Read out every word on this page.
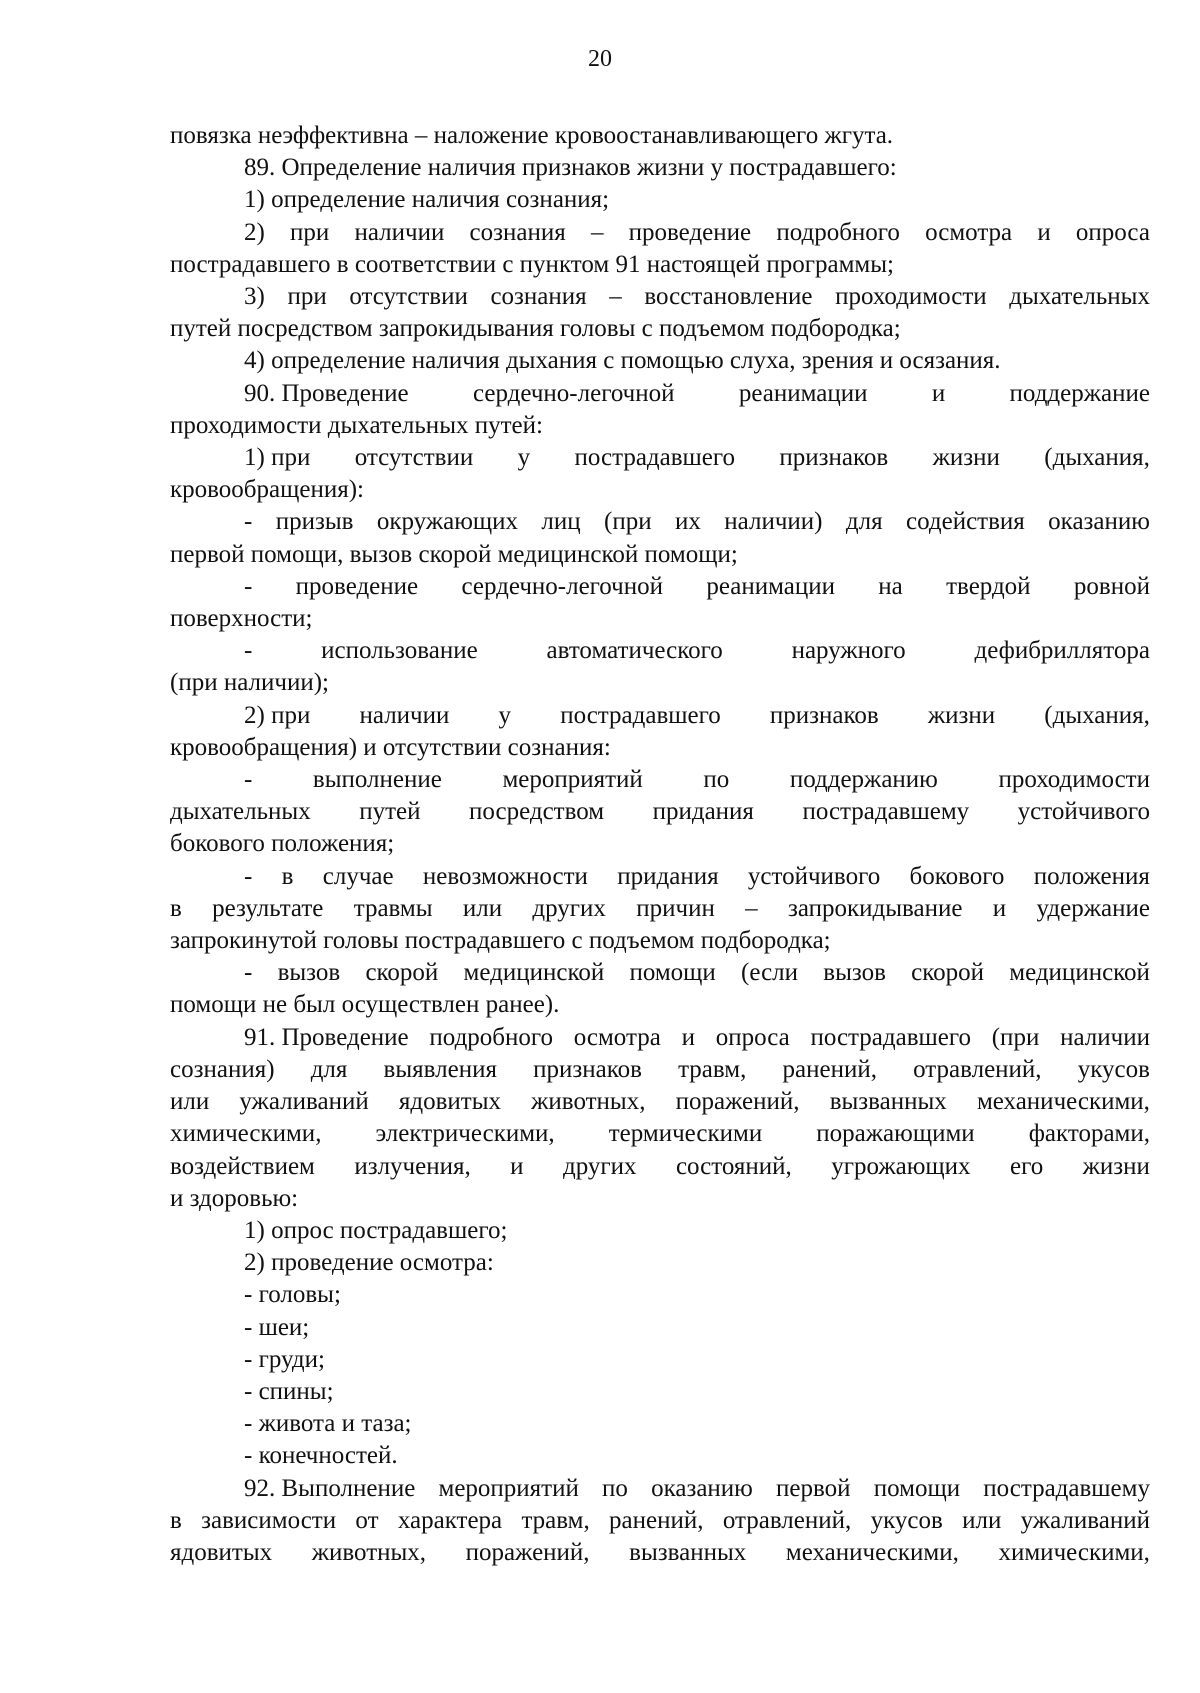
20
повязка неэффективна – наложение кровоостанавливающего жгута.
89. Определение наличия признаков жизни у пострадавшего:
1) определение наличия сознания;
2) при наличии сознания – проведение подробного осмотра и опроса
пострадавшего в соответствии с пунктом 91 настоящей программы;
3) при отсутствии сознания – восстановление проходимости дыхательных
путей посредством запрокидывания головы с подъемом подбородка;
4) определение наличия дыхания с помощью слуха, зрения и осязания.
90. Проведение	сердечно-легочной	реанимации	и	поддержание
проходимости дыхательных путей:
1) при отсутствии у пострадавшего признаков жизни (дыхания,
кровообращения):
- призыв окружающих лиц (при их наличии) для содействия оказанию
первой помощи, вызов скорой медицинской помощи;
- проведение сердечно-легочной реанимации на твердой ровной
поверхности;
-	использование	автоматического	наружного	дефибриллятора
(при наличии);
2) при наличии у пострадавшего признаков жизни (дыхания,
кровообращения) и отсутствии сознания:
- выполнение мероприятий по поддержанию проходимости
дыхательных путей посредством придания пострадавшему устойчивого
бокового положения;
- в случае невозможности придания устойчивого бокового положения
в результате травмы или других причин – запрокидывание и удержание
запрокинутой головы пострадавшего с подъемом подбородка;
- вызов скорой медицинской помощи (если вызов скорой медицинской
помощи не был осуществлен ранее).
91. Проведение подробного осмотра и опроса пострадавшего (при наличии
сознания) для выявления признаков травм, ранений, отравлений, укусов
или ужаливаний ядовитых животных, поражений, вызванных механическими,
химическими, электрическими, термическими поражающими факторами,
воздействием излучения, и других состояний, угрожающих его жизни
и здоровью:
1) опрос пострадавшего;
2) проведение осмотра:
- головы;
- шеи;
- груди;
- спины;
- живота и таза;
- конечностей.
92. Выполнение мероприятий по оказанию первой помощи пострадавшему
в зависимости от характера травм, ранений, отравлений, укусов или ужаливаний
ядовитых животных, поражений, вызванных механическими, химическими,
